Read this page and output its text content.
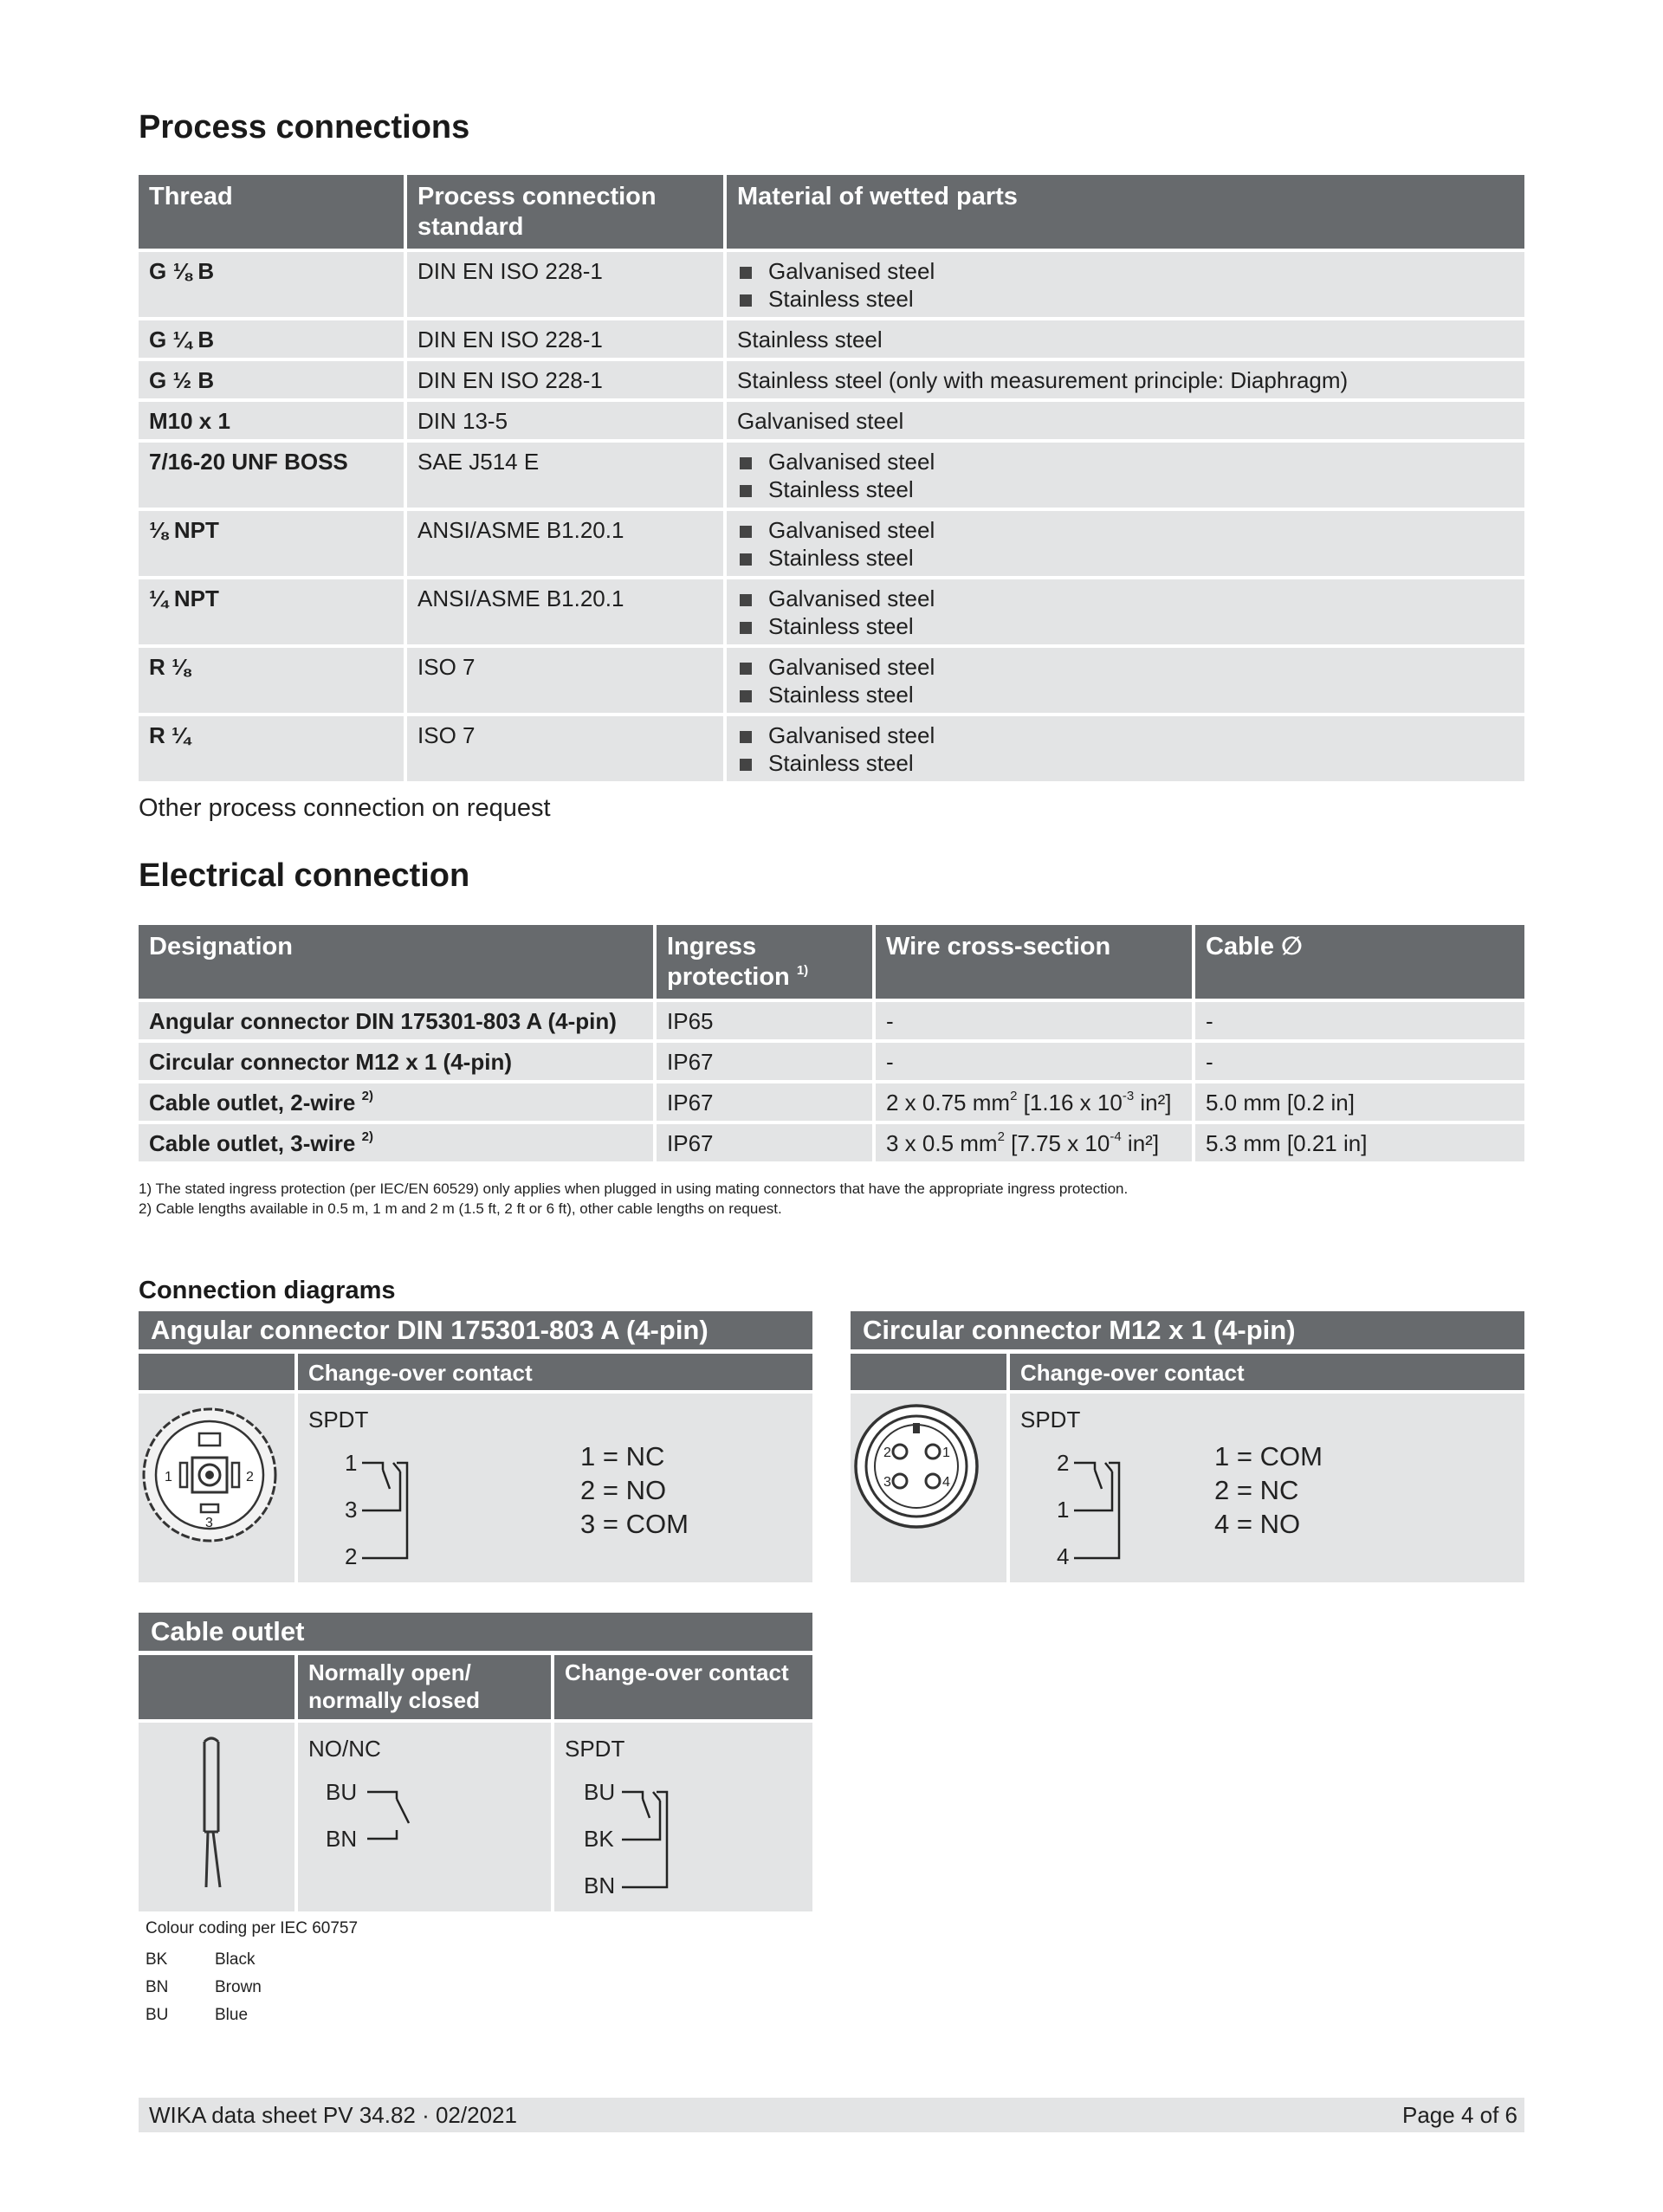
Process connections
Thread	Process connection standard	Material of wetted parts
G ⅛ B	DIN EN ISO 228-1	Galvanised steel
Stainless steel

G ¼ B	DIN EN ISO 228-1	Stainless steel

G ½ B	DIN EN ISO 228-1	Stainless steel (only with measurement principle: Diaphragm)

M10 x 1	DIN 13-5	Galvanised steel

7/16-20 UNF BOSS	SAE J514 E	Galvanised steel
Stainless steel

⅛ NPT	ANSI/ASME B1.20.1	Galvanised steel
Stainless steel

¼ NPT	ANSI/ASME B1.20.1	Galvanised steel
Stainless steel

R ⅛	ISO 7	Galvanised steel
Stainless steel

R ¼	ISO 7	Galvanised steel
Stainless steel
Other process connection on request
Electrical connection
Designation	Ingress protection $^{1)}$	Wire cross-section	Cable ∅
Angular connector DIN 175301-803 A (4-pin)	IP65	-	-
Circular connector M12 x 1 (4-pin)	IP67	-	-
Cable outlet, 2-wire $^{2)}$	IP67	2 x 0.75 $mm^2$ [1.16 x $10^{-3}$ in²]	5.0 mm [0.2 in]
Cable outlet, 3-wire $^{2)}$	IP67	3 x 0.5 $mm^2$ [7.75 x $10^{-4}$ in²]	5.3 mm [0.21 in]
1) The stated ingress protection (per IEC/EN 60529) only applies when plugged in using mating connectors that have the appropriate ingress protection.
2) Cable lengths available in 0.5 m, 1 m and 2 m (1.5 ft, 2 ft or 6 ft), other cable lengths on request.
Connection diagrams
Angular connector DIN 175301-803 A (4-pin)
Change-over contact
1	2
3
SPDT
1
3
2
1 = NC
2 = NO
3 = COM
Circular connector M12 x 1 (4-pin)
Change-over contact
1
2
3	4
SPDT
2
1
4
1 = COM
2 = NC
4 = NO
Cable outlet
Normally open/ normally closed
Change-over contact
NO/NC
BU
BN
SPDT
BU
BK
BN
Colour coding per IEC 60757
BK	Black
BN	Brown
BU	Blue
WIKA data sheet PV 34.82 · 02/2021	Page 4 of 6
